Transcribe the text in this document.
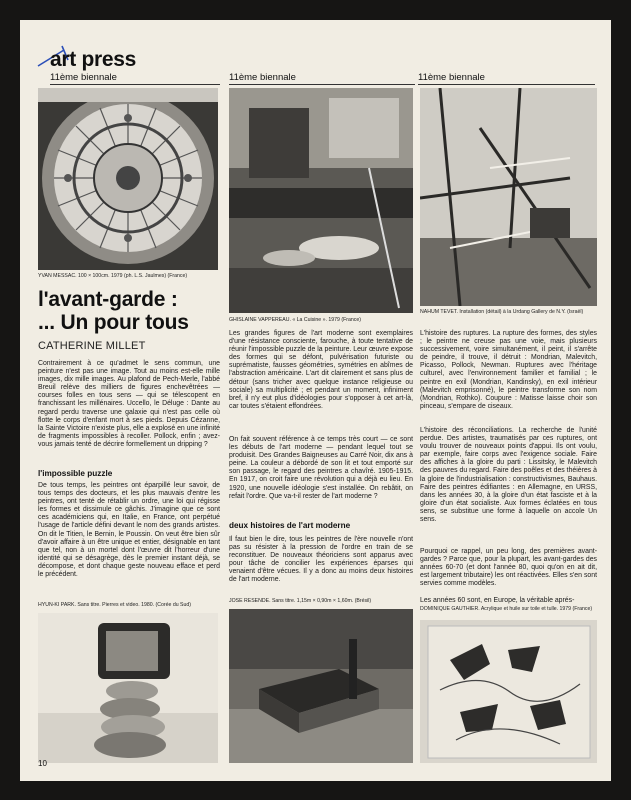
art press
11ème biennale	11ème biennale	11ème biennale
YVAN MESSAC. 100 × 100cm. 1979 (ph. L.S. Jaulmes) (France)
GHISLAINE VAPPEREAU. « La Cuisine ». 1979 (France)
NAHUM TEVET. Installation (détail) à la Urdang Gallery de N.Y. (Israël)
l'avant-garde :
... Un pour tous
CATHERINE MILLET
Contrairement à ce qu'admet le sens commun, une peinture n'est pas une image. Tout au moins est-elle mille images, dix mille images. Au plafond de Pech-Merle, l'abbé Breuil relève des milliers de figures enchevêtrées — courses folles en tous sens — qui se télescopent en franchissant les millénaires. Uccello, le Déluge : Dante au regard perdu traverse une galaxie qui n'est pas celle où flotte le corps d'enfant mort à ses pieds. Depuis Cézanne, la Sainte Victoire n'existe plus, elle a explosé en une infinité de fragments impossibles à recoller. Pollock, enfin ; avez-vous jamais tenté de décrire formellement un dripping ?
l'impossible puzzle
De tous temps, les peintres ont éparpillé leur savoir, de tous temps des docteurs, et les plus mauvais d'entre les peintres, ont tenté de rétablir un ordre, une loi qui régisse les formes et dissimule ce gâchis. J'imagine que ce sont ces académiciens qui, en Italie, en France, ont perpétué l'usage de l'article défini devant le nom des grands artistes. On dit le Titien, le Bernin, le Poussin. On veut être bien sûr d'avoir affaire à un être unique et entier, désignable en tant que tel, non à un mortel dont l'œuvre dit l'horreur d'une identité qui se désagrège, dès le premier instant déjà, se décompose, et dont chaque geste nouveau efface et perd le précédent.
HYUN-KI PARK. Sans titre. Pierres et video. 1980. (Corée du Sud)
Les grandes figures de l'art moderne sont exemplaires d'une résistance consciente, farouche, à toute tentative de réunir l'impossible puzzle de la peinture. Leur œuvre expose des formes qui se défont, pulvérisation futuriste ou suprématiste, fausses géométries, symétries en abîmes de l'abstraction américaine. L'art dit clairement et sans plus de détour (sans tricher avec quelque instance religieuse ou sociale) sa multiplicité ; et pendant un moment, infiniment bref, il n'y eut plus d'idéologies pour s'opposer à cet art-là, car toutes s'étaient effondrées.
On fait souvent référence à ce temps très court — ce sont les débuts de l'art moderne — pendant lequel tout se produisit. Des Grandes Baigneuses au Carré Noir, dix ans à peine. La couleur a débordé de son lit et tout emporté sur son passage, le regard des peintres a chavîré. 1905-1915. En 1917, on croit faire une révolution qui a déjà eu lieu. En 1920, une nouvelle idéologie s'est installée. On rebâtit, on refait l'ordre. Que va-t-il rester de l'art moderne ?
deux histoires de l'art moderne
Il faut bien le dire, tous les peintres de l'ère nouvelle n'ont pas su résister à la pression de l'ordre en train de se reconstituer. De nouveaux théoriciens sont apparus avec pour tâche de concilier les expériences éparses qui venaient d'être vécues. Il y a donc au moins deux histoires de l'art moderne.
JOSE RESENDE. Sans titre. 1,15m × 0,90m × 1,60m. (Brésil)
L'histoire des ruptures. La rupture des formes, des styles ; le peintre ne creuse pas une voie, mais plusieurs successivement, voire simultanément, il peint, il s'arrête de peindre, il trouve, il détruit : Mondrian, Malevitch, Picasso, Pollock, Newman. Ruptures avec l'héritage culturel, avec l'environnement familier et familial ; le peintre en exil (Mondrian, Kandinsky), en exil intérieur (Malevitch emprisonné), le peintre transforme son nom (Mondrian, Rothko). Coupure : Matisse laisse choir son pinceau, s'empare de ciseaux.
L'histoire des réconciliations. La recherche de l'unité perdue. Des artistes, traumatisés par ces ruptures, ont voulu trouver de nouveaux points d'appui. Ils ont voulu, par exemple, faire corps avec l'exigence sociale. Faire des affiches à la gloire du parti : Lissitsky, le Malevitch des pauvres du regard. Faire des poêles et des théières à la gloire de l'industrialisation : constructivismes, Bauhaus. Faire des peintres édifiantes : en Allemagne, en URSS, dans les années 30, à la gloire d'un état fasciste et à la gloire d'un état socialiste. Aux formes éclatées en tous sens, se substitue une forme à laquelle on accole Un sens.
Pourquoi ce rappel, un peu long, des premières avant-gardes ? Parce que, pour la plupart, les avant-gardes des années 60-70 (et dont l'année 80, quoi qu'on en ait dit, est largement tributaire) les ont réactivées. Elles s'en sont servies comme modèles.
Les années 60 sont, en Europe, la véritable aprés-
DOMINIQUE GAUTHIER. Acrylique et huile sur toile et tulle. 1979 (France)
10
